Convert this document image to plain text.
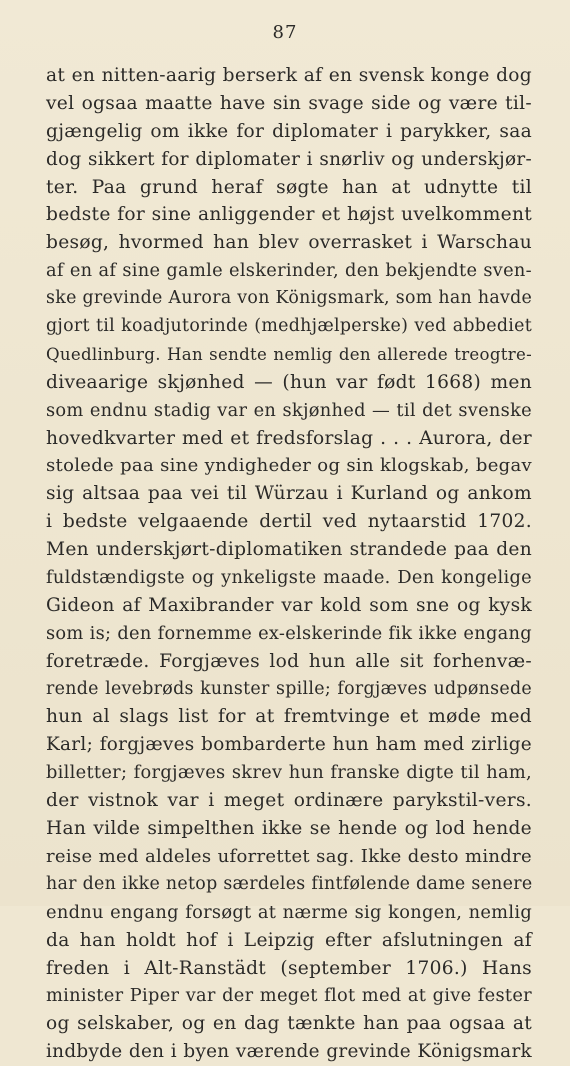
87
at en nitten-aarig berserk af en svensk konge dog
vel ogsaa maatte have sin svage side og være til-
gjængelig om ikke for diplomater i parykker, saa
dog sikkert for diplomater i snørliv og underskjør-
ter. Paa grund heraf søgte han at udnytte til
bedste for sine anliggender et højst uvelkomment
besøg, hvormed han blev overrasket i Warschau
af en af sine gamle elskerinder, den bekjendte sven-
ske grevinde Aurora von Königsmark, som han havde
gjort til koadjutorinde (medhjælperske) ved abbediet
Quedlinburg. Han sendte nemlig den allerede treogtre-
diveaarige skjønhed — (hun var født 1668) men
som endnu stadig var en skjønhed — til det svenske
hovedkvarter med et fredsforslag . . . Aurora, der
stolede paa sine yndigheder og sin klogskab, begav
sig altsaa paa vei til Würzau i Kurland og ankom
i bedste velgaaende dertil ved nytaarstid 1702.
Men underskjørt-diplomatiken strandede paa den
fuldstændigste og ynkeligste maade. Den kongelige
Gideon af Maxibrander var kold som sne og kysk
som is; den fornemme ex-elskerinde fik ikke engang
foretræde. Forgjæves lod hun alle sit forhenvæ-
rende levebrøds kunster spille; forgjæves udpønsede
hun al slags list for at fremtvinge et møde med
Karl; forgjæves bombarderte hun ham med zirlige
billetter; forgjæves skrev hun franske digte til ham,
der vistnok var i meget ordinære parykstil-vers.
Han vilde simpelthen ikke se hende og lod hende
reise med aldeles uforrettet sag. Ikke desto mindre
har den ikke netop særdeles fintfølende dame senere
endnu engang forsøgt at nærme sig kongen, nemlig
da han holdt hof i Leipzig efter afslutningen af
freden i Alt-Ranstädt (september 1706.) Hans
minister Piper var der meget flot med at give fester
og selskaber, og en dag tænkte han paa ogsaa at
indbyde den i byen værende grevinde Königsmark
